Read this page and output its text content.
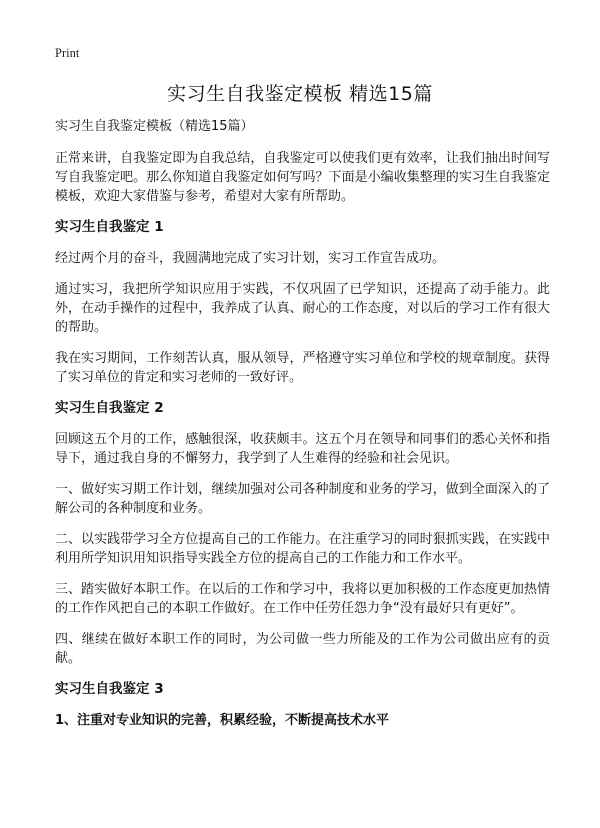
Print
实习生自我鉴定模板 精选15篇
实习生自我鉴定模板（精选15篇）

正常来讲，自我鉴定即为自我总结，自我鉴定可以使我们更有效率，让我们抽出时间写写自我鉴定吧。那么你知道自我鉴定如何写吗？下面是小编收集整理的实习生自我鉴定模板，欢迎大家借鉴与参考，希望对大家有所帮助。

实习生自我鉴定 1

经过两个月的奋斗，我圆满地完成了实习计划，实习工作宣告成功。

通过实习，我把所学知识应用于实践，不仅巩固了已学知识，还提高了动手能力。此外，在动手操作的过程中，我养成了认真、耐心的工作态度，对以后的学习工作有很大的帮助。

我在实习期间，工作刻苦认真，服从领导，严格遵守实习单位和学校的规章制度。获得了实习单位的肯定和实习老师的一致好评。

实习生自我鉴定 2

回顾这五个月的工作，感触很深，收获颇丰。这五个月在领导和同事们的悉心关怀和指导下，通过我自身的不懈努力，我学到了人生难得的经验和社会见识。

一、做好实习期工作计划，继续加强对公司各种制度和业务的学习，做到全面深入的了解公司的各种制度和业务。

二、以实践带学习全方位提高自己的工作能力。在注重学习的同时狠抓实践，在实践中利用所学知识用知识指导实践全方位的提高自己的工作能力和工作水平。

三、踏实做好本职工作。在以后的工作和学习中，我将以更加积极的工作态度更加热情的工作作风把自己的本职工作做好。在工作中任劳任怨力争“没有最好只有更好”。

四、继续在做好本职工作的同时，为公司做一些力所能及的工作为公司做出应有的贡献。

实习生自我鉴定 3
1、注重对专业知识的完善，积累经验，不断提高技术水平
